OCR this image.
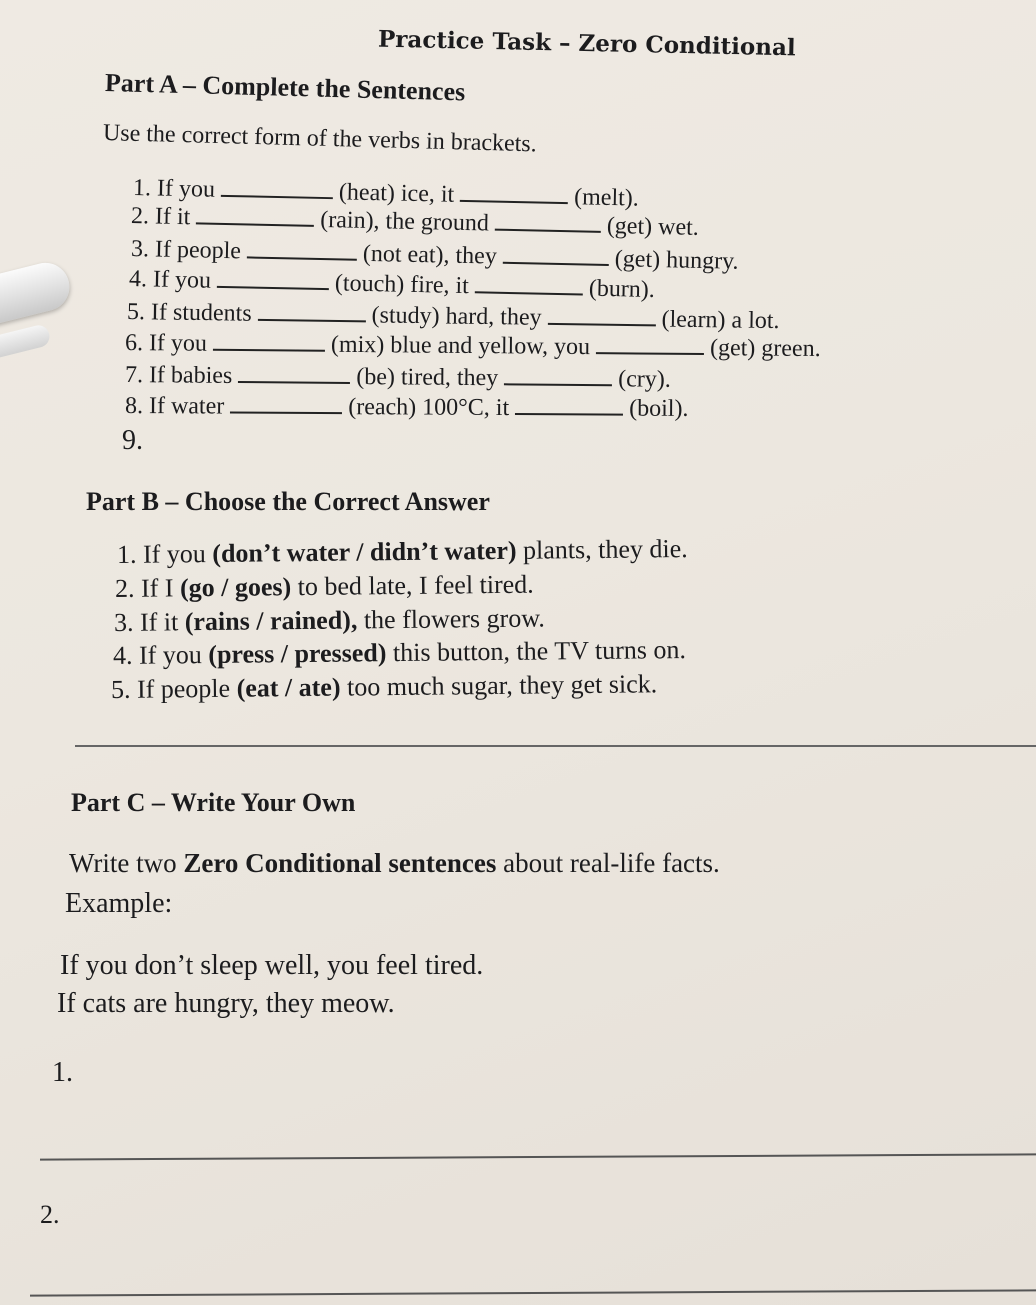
Practice Task – Zero Conditional
Part A – Complete the Sentences
Use the correct form of the verbs in brackets.
1. If you	(heat) ice, it	(melt).
2. If it	(rain), the ground	(get) wet.
3. If people	(not eat), they	(get) hungry.
4. If you	(touch) fire, it	(burn).
5. If students	(study) hard, they	(learn) a lot.
6. If you	(mix) blue and yellow, you	(get) green.
7. If babies	(be) tired, they	(cry).
8. If water	(reach) 100°C, it	(boil).
9.
Part B – Choose the Correct Answer
1. If you (don’t water / didn’t water) plants, they die.
2. If I (go / goes) to bed late, I feel tired.
3. If it (rains / rained), the flowers grow.
4. If you (press / pressed) this button, the TV turns on.
5. If people (eat / ate) too much sugar, they get sick.
Part C – Write Your Own
Write two Zero Conditional sentences about real-life facts.
Example:
If you don’t sleep well, you feel tired.
If cats are hungry, they meow.
1.
2.
